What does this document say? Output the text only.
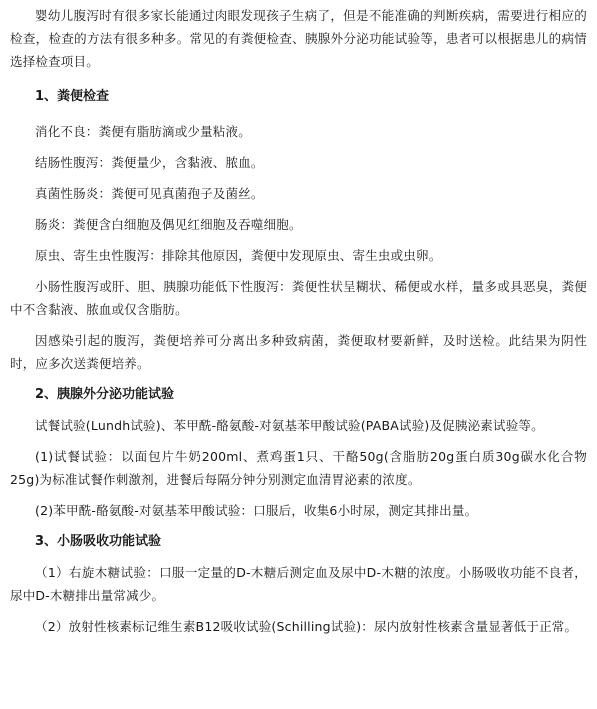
婴幼儿腹泻时有很多家长能通过肉眼发现孩子生病了，但是不能准确的判断疾病，需要进行相应的检查，检查的方法有很多种多。常见的有粪便检查、胰腺外分泌功能试验等，患者可以根据患儿的病情选择检查项目。

1、粪便检查

消化不良：粪便有脂肪滴或少量粘液。

结肠性腹泻：粪便量少，含黏液、脓血。

真菌性肠炎：粪便可见真菌孢子及菌丝。

肠炎：粪便含白细胞及偶见红细胞及吞噬细胞。

原虫、寄生虫性腹泻：排除其他原因，粪便中发现原虫、寄生虫或虫卵。

小肠性腹泻或肝、胆、胰腺功能低下性腹泻：粪便性状呈糊状、稀便或水样，量多或具恶臭，粪便中不含黏液、脓血或仅含脂肪。

因感染引起的腹泻，粪便培养可分离出多种致病菌，粪便取材要新鲜，及时送检。此结果为阴性时，应多次送粪便培养。

2、胰腺外分泌功能试验

试餐试验(Lundh试验)、苯甲酰-酪氨酸-对氨基苯甲酸试验(PABA试验)及促胰泌素试验等。

(1)试餐试验：以面包片牛奶200ml、煮鸡蛋1只、干酪50g(含脂肪20g蛋白质30g碳水化合物25g)为标准试餐作刺激剂，进餐后每隔分钟分别测定血清胃泌素的浓度。

(2)苯甲酰-酪氨酸-对氨基苯甲酸试验：口服后，收集6小时尿，测定其排出量。

3、小肠吸收功能试验

（1）右旋木糖试验：口服一定量的D-木糖后测定血及尿中D-木糖的浓度。小肠吸收功能不良者，尿中D-木糖排出量常减少。

（2）放射性核素标记维生素B12吸收试验(Schilling试验)：尿内放射性核素含量显著低于正常。
